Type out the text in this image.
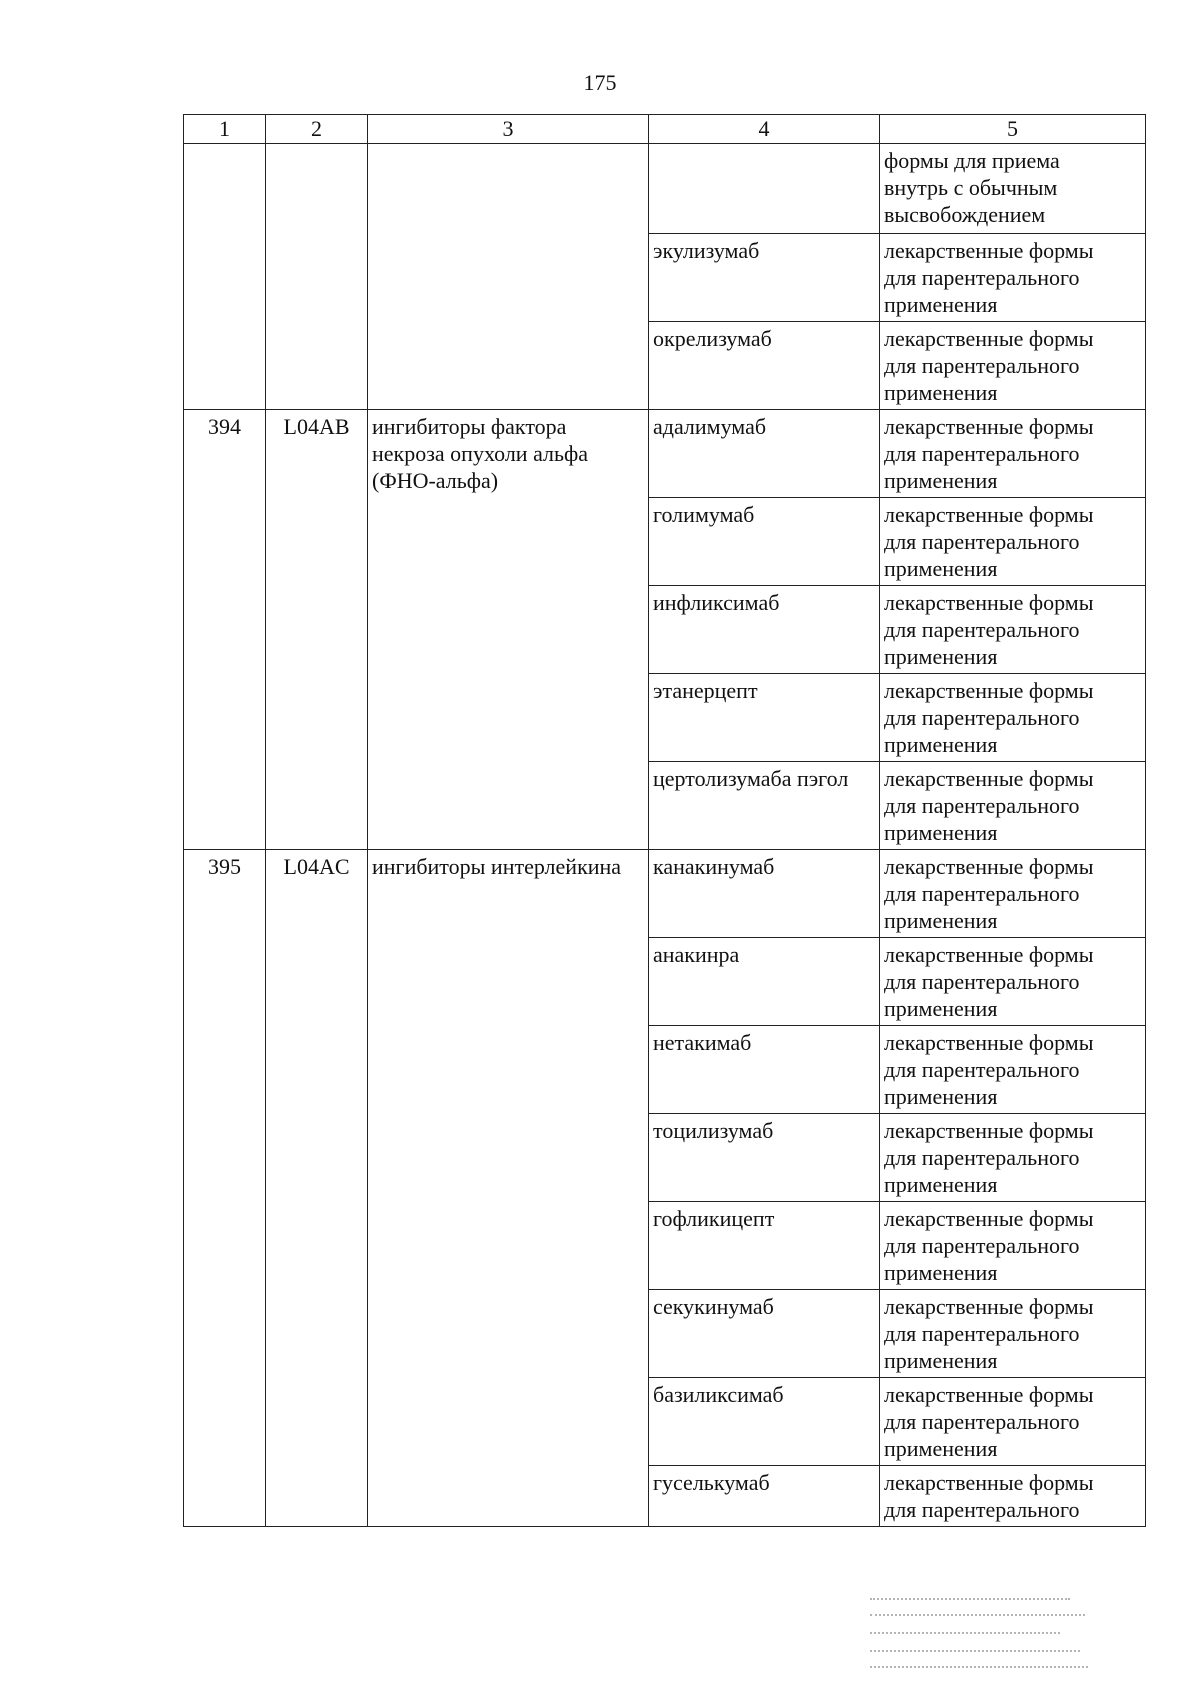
175
1	2	3	4	5

				формы для приема
внутрь с обычным
высвобождением

			экулизумаб	лекарственные формы
для парентерального
применения

			окрелизумаб	лекарственные формы
для парентерального
применения

394	L04AB	ингибиторы фактора
некроза опухоли альфа
(ФНО-альфа)	адалимумаб	лекарственные формы
для парентерального
применения

			голимумаб	лекарственные формы
для парентерального
применения

			инфликсимаб	лекарственные формы
для парентерального
применения

			этанерцепт	лекарственные формы
для парентерального
применения

			цертолизумаба пэгол	лекарственные формы
для парентерального
применения

395	L04AC	ингибиторы интерлейкина	канакинумаб	лекарственные формы
для парентерального
применения

			анакинра	лекарственные формы
для парентерального
применения

			нетакимаб	лекарственные формы
для парентерального
применения

			тоцилизумаб	лекарственные формы
для парентерального
применения

			гофликицепт	лекарственные формы
для парентерального
применения

			секукинумаб	лекарственные формы
для парентерального
применения

			базиликсимаб	лекарственные формы
для парентерального
применения

			гуселькумаб	лекарственные формы
для парентерального
